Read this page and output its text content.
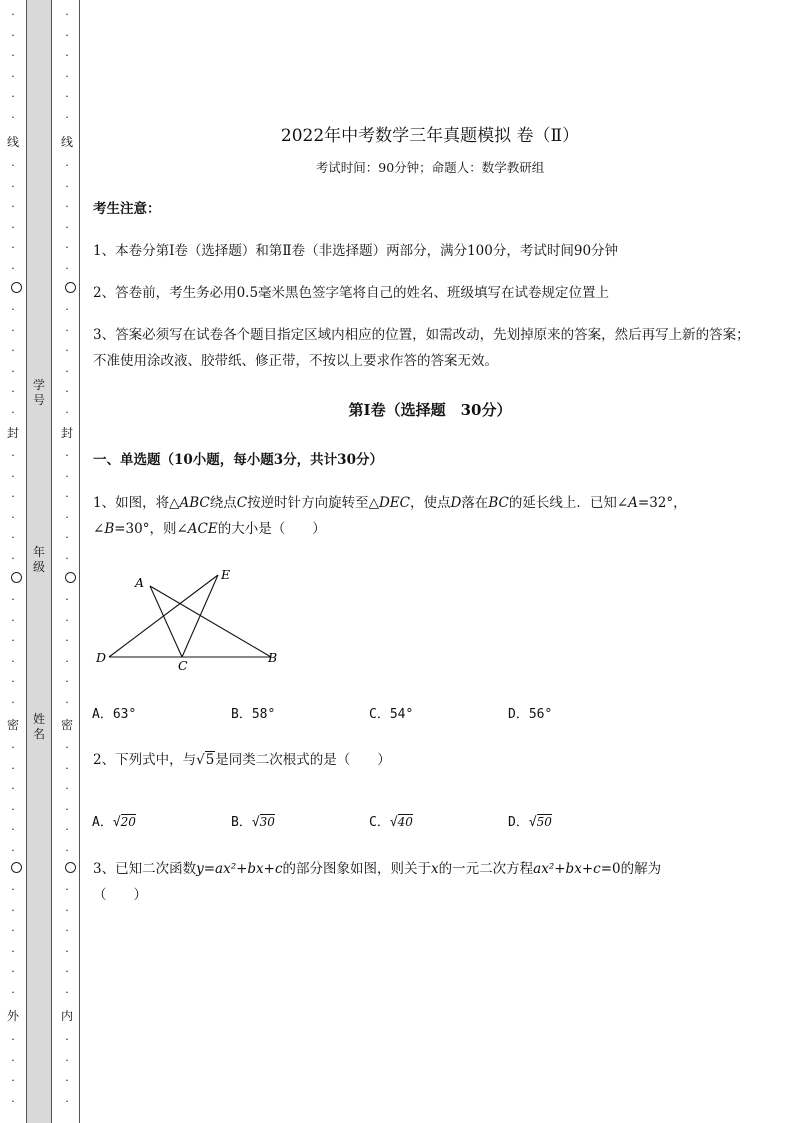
·
·
·
·
·
·
线
·
·
·
·
·
·
·
·
·
·
·
·
封
·
·
·
·
·
·
·
·
·
·
·
·
密
·
·
·
·
·
·
·
·
·
·
·
·
外
·
·
·
·
学号
年级
姓名
·
·
·
·
·
·
线
·
·
·
·
·
·
·
·
·
·
·
·
封
·
·
·
·
·
·
·
·
·
·
·
·
密
·
·
·
·
·
·
·
·
·
·
·
·
内
·
·
·
·
2022年中考数学三年真题模拟 卷（Ⅱ）
考试时间：90分钟；命题人：数学教研组
考生注意：
1、本卷分第Ⅰ卷（选择题）和第Ⅱ卷（非选择题）两部分，满分100分，考试时间90分钟
2、答卷前，考生务必用0.5毫米黑色签字笔将自己的姓名、班级填写在试卷规定位置上
3、答案必须写在试卷各个题目指定区域内相应的位置，如需改动，先划掉原来的答案，然后再写上新的答案；不准使用涂改液、胶带纸、修正带，不按以上要求作答的答案无效。
第Ⅰ卷（选择题　30分）
一、单选题（10小题，每小题3分，共计30分）
1、如图，将△ABC绕点C按逆时针方向旋转至△DEC，使点D落在BC的延长线上．已知∠A=32°，
∠B=30°，则∠ACE的大小是（　　）
A
E
D
C
B
A．63°	B．58°	C．54°	D．56°
2、下列式中，与√5是同类二次根式的是（　　）
A．√20	B．√30	C．√40	D．√50
3、已知二次函数y=ax²+bx+c的部分图象如图，则关于x的一元二次方程ax²+bx+c=0的解为
（　　）
